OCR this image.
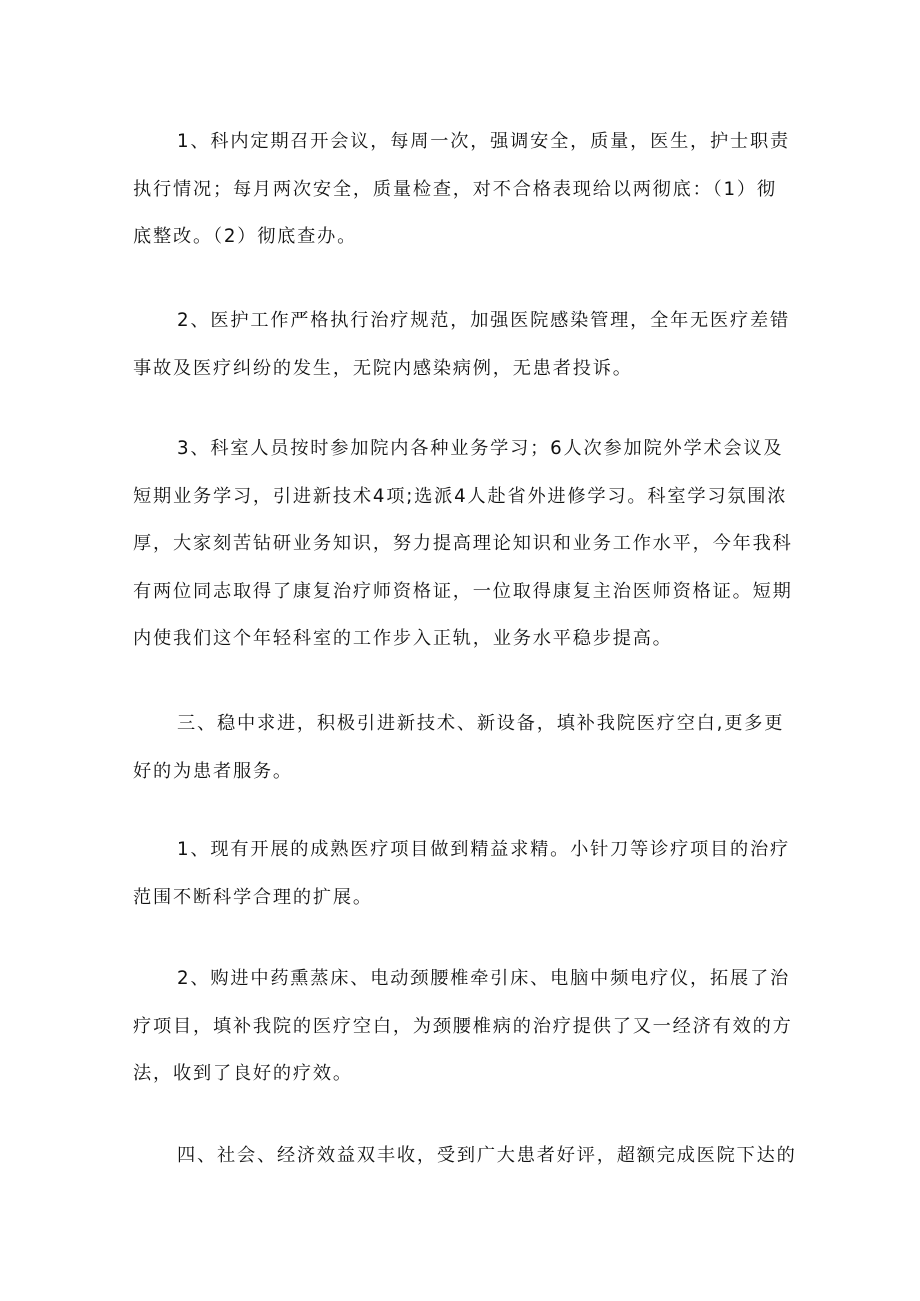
1、科内定期召开会议，每周一次，强调安全，质量，医生，护士职责
执行情况；每月两次安全，质量检查，对不合格表现给以两彻底：（1）彻
底整改。（2）彻底查办。
2、医护工作严格执行治疗规范，加强医院感染管理，全年无医疗差错
事故及医疗纠纷的发生，无院内感染病例，无患者投诉。
3、科室人员按时参加院内各种业务学习；6人次参加院外学术会议及
短期业务学习，引进新技术4项;选派4人赴省外进修学习。科室学习氛围浓
厚，大家刻苦钻研业务知识，努力提高理论知识和业务工作水平，今年我科
有两位同志取得了康复治疗师资格证，一位取得康复主治医师资格证。短期
内使我们这个年轻科室的工作步入正轨，业务水平稳步提高。
三、稳中求进，积极引进新技术、新设备，填补我院医疗空白,更多更
好的为患者服务。
1、现有开展的成熟医疗项目做到精益求精。小针刀等诊疗项目的治疗
范围不断科学合理的扩展。
2、购进中药熏蒸床、电动颈腰椎牵引床、电脑中频电疗仪，拓展了治
疗项目，填补我院的医疗空白，为颈腰椎病的治疗提供了又一经济有效的方
法，收到了良好的疗效。
四、社会、经济效益双丰收，受到广大患者好评，超额完成医院下达的
